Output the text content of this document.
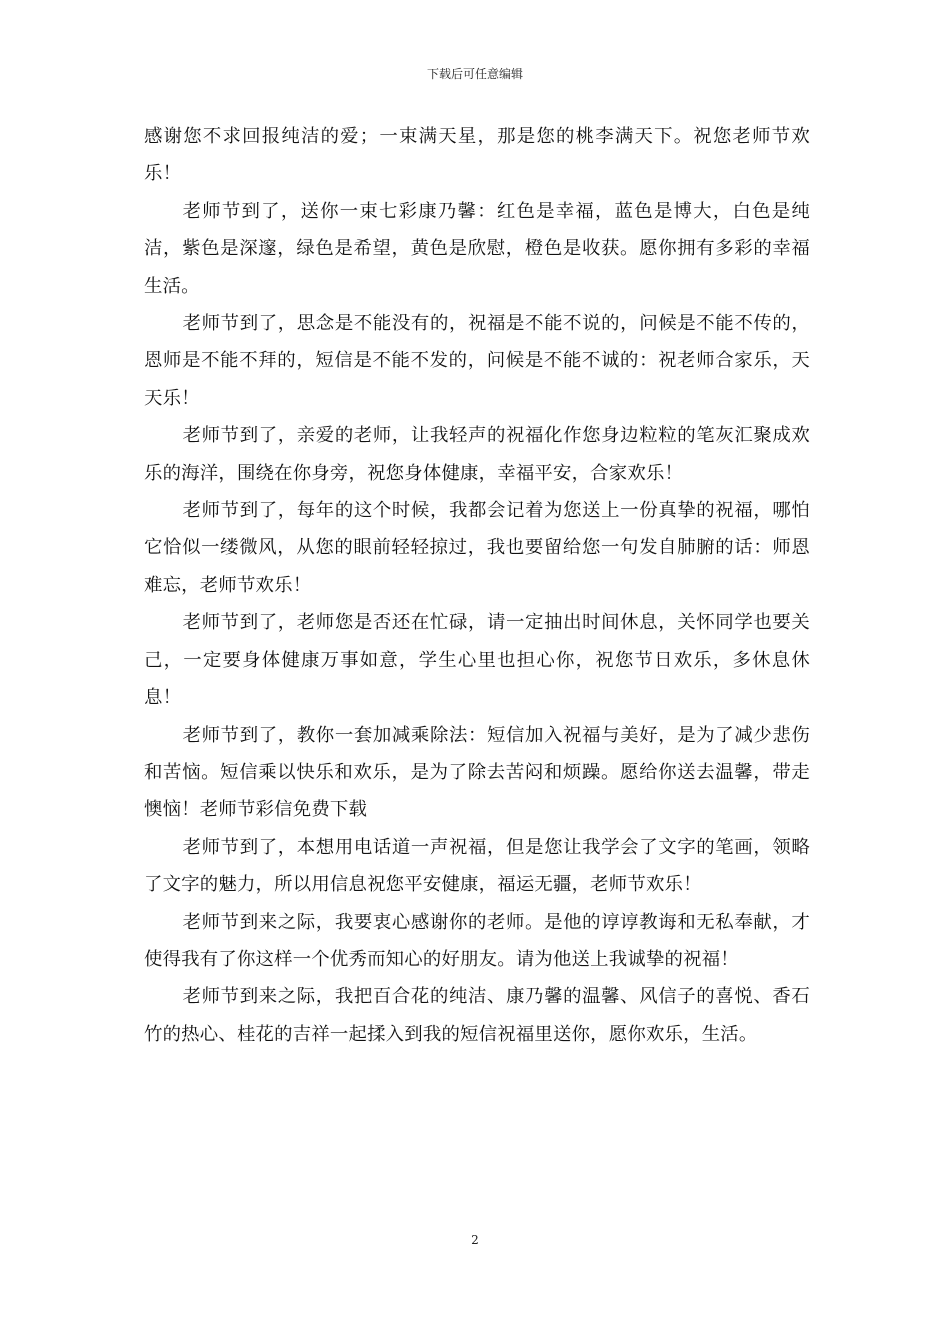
下载后可任意编辑

感谢您不求回报纯洁的爱；一束满天星，那是您的桃李满天下。祝您老师节欢乐！

老师节到了，送你一束七彩康乃馨：红色是幸福，蓝色是博大，白色是纯洁，紫色是深邃，绿色是希望，黄色是欣慰，橙色是收获。愿你拥有多彩的幸福生活。

老师节到了，思念是不能没有的，祝福是不能不说的，问候是不能不传的，恩师是不能不拜的，短信是不能不发的，问候是不能不诚的：祝老师合家乐，天天乐！

老师节到了，亲爱的老师，让我轻声的祝福化作您身边粒粒的笔灰汇聚成欢乐的海洋，围绕在你身旁，祝您身体健康，幸福平安，合家欢乐！

老师节到了，每年的这个时候，我都会记着为您送上一份真挚的祝福，哪怕它恰似一缕微风，从您的眼前轻轻掠过，我也要留给您一句发自肺腑的话：师恩难忘，老师节欢乐！

老师节到了，老师您是否还在忙碌，请一定抽出时间休息，关怀同学也要关己，一定要身体健康万事如意，学生心里也担心你，祝您节日欢乐，多休息休息！

老师节到了，教你一套加减乘除法：短信加入祝福与美好，是为了减少悲伤和苦恼。短信乘以快乐和欢乐，是为了除去苦闷和烦躁。愿给你送去温馨，带走懊恼！老师节彩信免费下载

老师节到了，本想用电话道一声祝福，但是您让我学会了文字的笔画，领略了文字的魅力，所以用信息祝您平安健康，福运无疆，老师节欢乐！

老师节到来之际，我要衷心感谢你的老师。是他的谆谆教诲和无私奉献，才使得我有了你这样一个优秀而知心的好朋友。请为他送上我诚挚的祝福！

老师节到来之际，我把百合花的纯洁、康乃馨的温馨、风信子的喜悦、香石竹的热心、桂花的吉祥一起揉入到我的短信祝福里送你，愿你欢乐，生活。

2
